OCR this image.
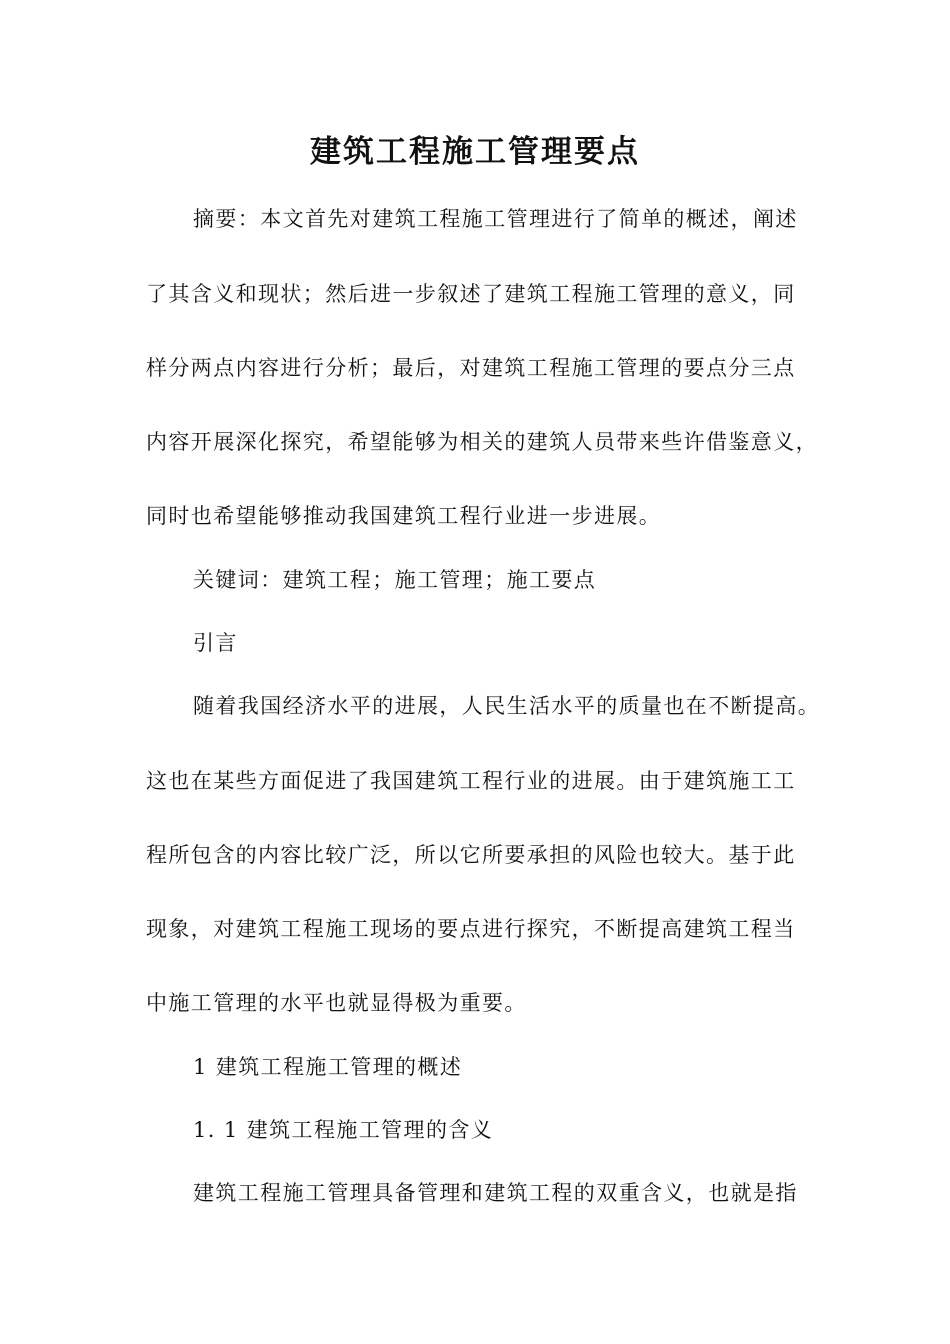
建筑工程施工管理要点
摘要：本文首先对建筑工程施工管理进行了简单的概述，阐述
了其含义和现状；然后进一步叙述了建筑工程施工管理的意义，同
样分两点内容进行分析；最后，对建筑工程施工管理的要点分三点
内容开展深化探究，希望能够为相关的建筑人员带来些许借鉴意义，
同时也希望能够推动我国建筑工程行业进一步进展。
关键词：建筑工程；施工管理；施工要点
引言
随着我国经济水平的进展，人民生活水平的质量也在不断提高。
这也在某些方面促进了我国建筑工程行业的进展。由于建筑施工工
程所包含的内容比较广泛，所以它所要承担的风险也较大。基于此
现象，对建筑工程施工现场的要点进行探究，不断提高建筑工程当
中施工管理的水平也就显得极为重要。
1 建筑工程施工管理的概述
1. 1 建筑工程施工管理的含义
建筑工程施工管理具备管理和建筑工程的双重含义，也就是指
